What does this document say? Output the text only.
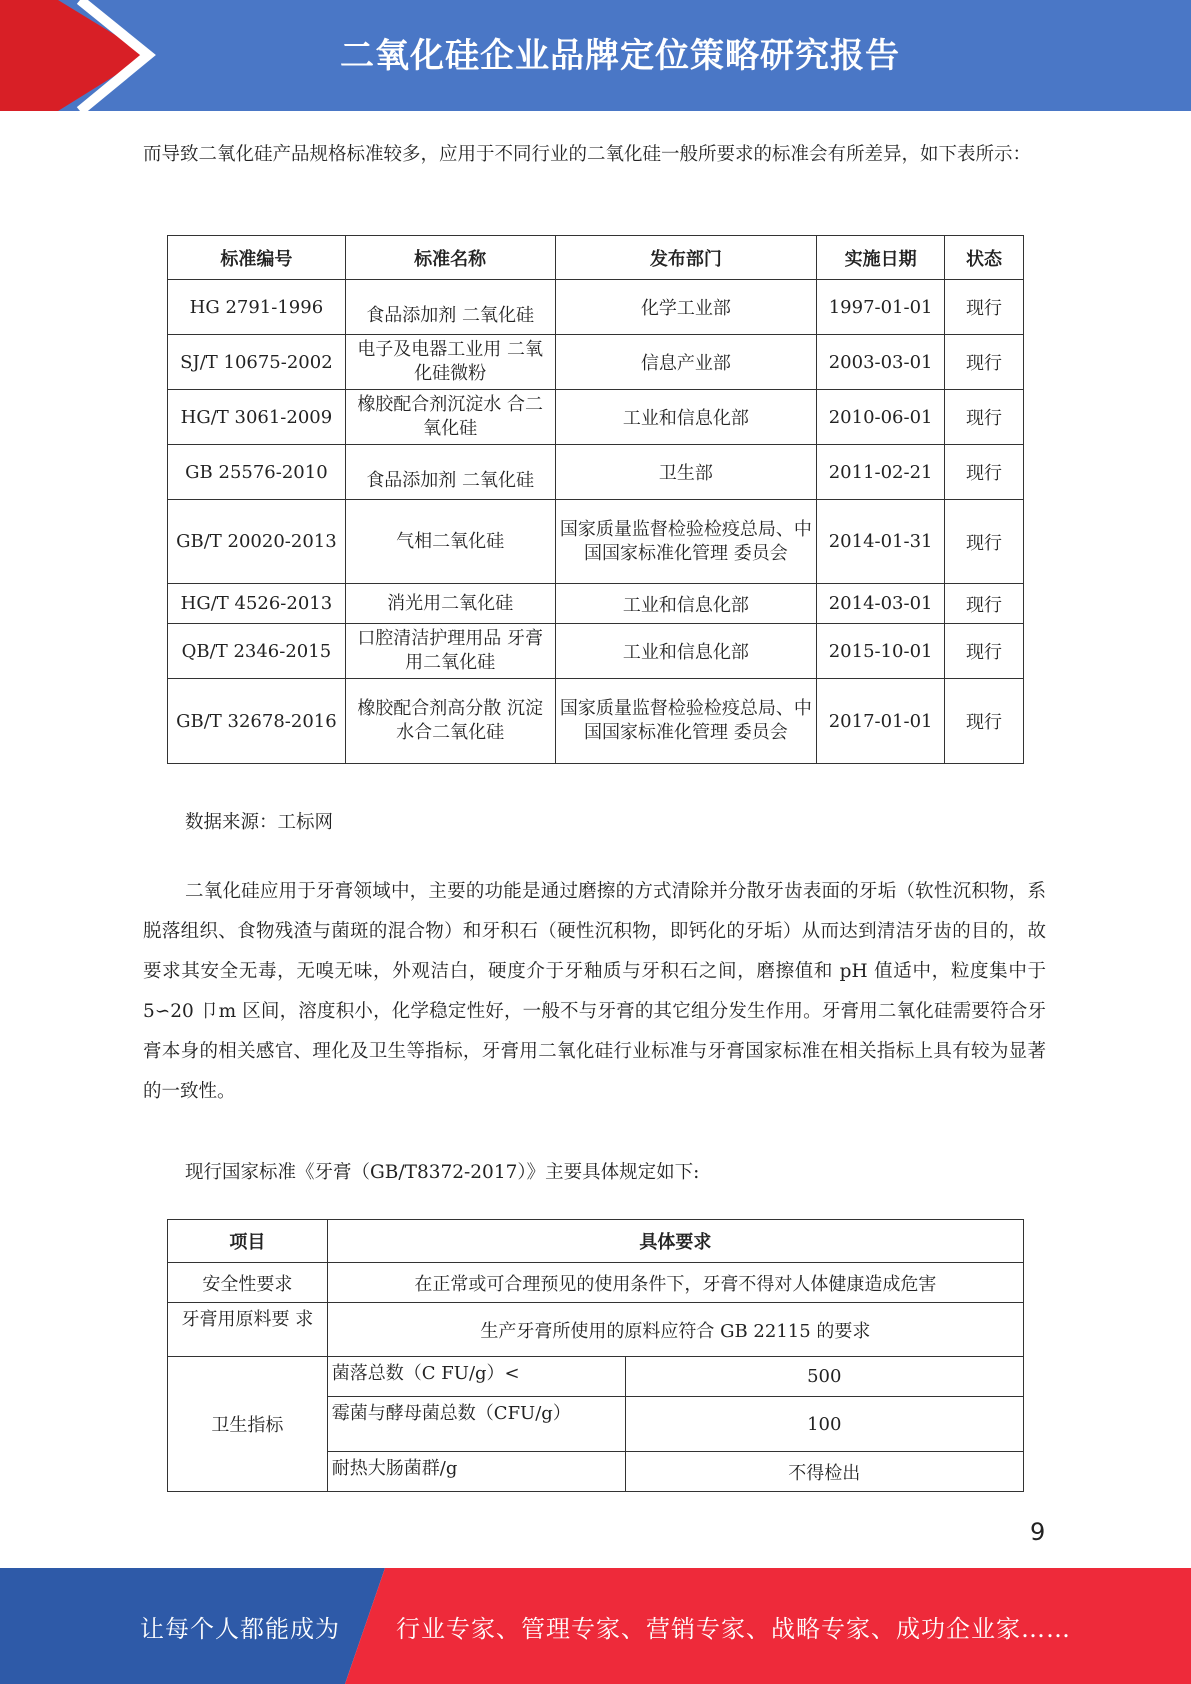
二氧化硅企业品牌定位策略研究报告

而导致二氧化硅产品规格标准较多，应用于不同行业的二氧化硅一般所要求的标准会有所差异，如下表所示：

标准编号	标准名称	发布部门	实施日期	状态
HG 2791-1996	食品添加剂 二氧化硅	化学工业部	1997-01-01	现行
SJ/T 10675-2002	电子及电器工业用 二氧化硅微粉	信息产业部	2003-03-01	现行
HG/T 3061-2009	橡胶配合剂沉淀水 合二氧化硅	工业和信息化部	2010-06-01	现行
GB 25576-2010	食品添加剂 二氧化硅	卫生部	2011-02-21	现行
GB/T 20020-2013	气相二氧化硅	国家质量监督检验检疫总局、中国国家标准化管理 委员会	2014-01-31	现行
HG/T 4526-2013	消光用二氧化硅	工业和信息化部	2014-03-01	现行
QB/T 2346-2015	口腔清洁护理用品 牙膏用二氧化硅	工业和信息化部	2015-10-01	现行
GB/T 32678-2016	橡胶配合剂高分散 沉淀水合二氧化硅	国家质量监督检验检疫总局、中国国家标准化管理 委员会	2017-01-01	现行

数据来源：工标网

二氧化硅应用于牙膏领域中，主要的功能是通过磨擦的方式清除并分散牙齿表面的牙垢（软性沉积物，系脱落组织、食物残渣与菌斑的混合物）和牙积石（硬性沉积物，即钙化的牙垢）从而达到清洁牙齿的目的，故要求其安全无毒，无嗅无味，外观洁白，硬度介于牙釉质与牙积石之间，磨擦值和 pH 值适中，粒度集中于 5∽20 卩m 区间，溶度积小，化学稳定性好，一般不与牙膏的其它组分发生作用。牙膏用二氧化硅需要符合牙膏本身的相关感官、理化及卫生等指标，牙膏用二氧化硅行业标准与牙膏国家标准在相关指标上具有较为显著的一致性。

现行国家标准《牙膏（GB/T8372-2017）》主要具体规定如下:

项目	具体要求	
安全性要求	在正常或可合理预见的使用条件下，牙膏不得对人体健康造成危害	
牙膏用原料要 求	生产牙膏所使用的原料应符合 GB 22115 的要求	
卫生指标	菌落总数（C FU/g）<	500
	霉菌与酵母菌总数（CFU/g）	100
	耐热大肠菌群/g	不得检出
9
让每个人都能成为 行业专家、管理专家、营销专家、战略专家、成功企业家……
